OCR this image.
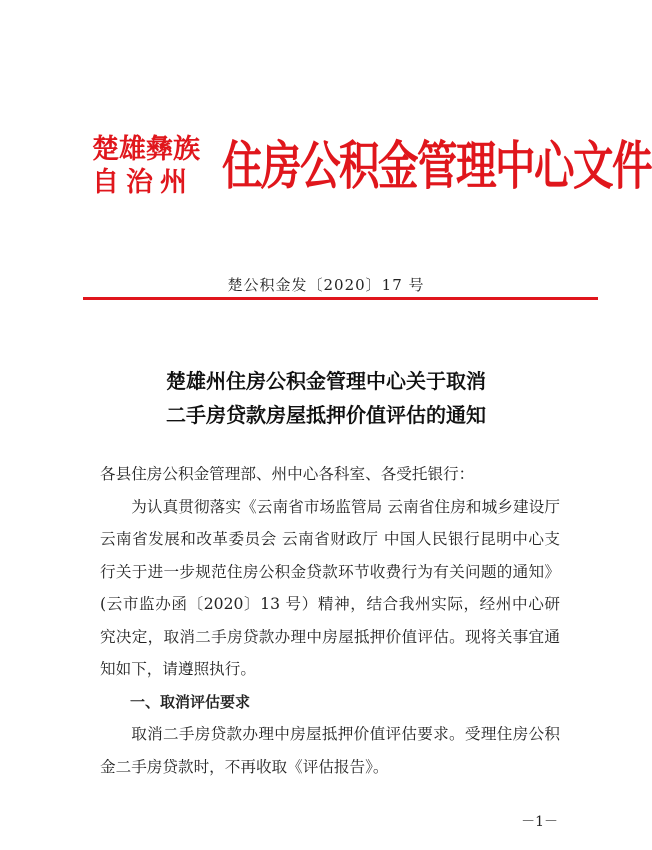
楚雄彝族
自治州 住房公积金管理中心文件
楚公积金发〔2020〕17 号
楚雄州住房公积金管理中心关于取消
二手房贷款房屋抵押价值评估的通知
各县住房公积金管理部、州中心各科室、各受托银行：
为认真贯彻落实《云南省市场监管局 云南省住房和城乡建设厅 云南省发展和改革委员会 云南省财政厅 中国人民银行昆明中心支行关于进一步规范住房公积金贷款环节收费行为有关问题的通知》(云市监办函〔2020〕13 号）精神，结合我州实际，经州中心研究决定，取消二手房贷款办理中房屋抵押价值评估。现将关事宜通知如下，请遵照执行。
一、取消评估要求
取消二手房贷款办理中房屋抵押价值评估要求。受理住房公积金二手房贷款时，不再收取《评估报告》。
－1－
